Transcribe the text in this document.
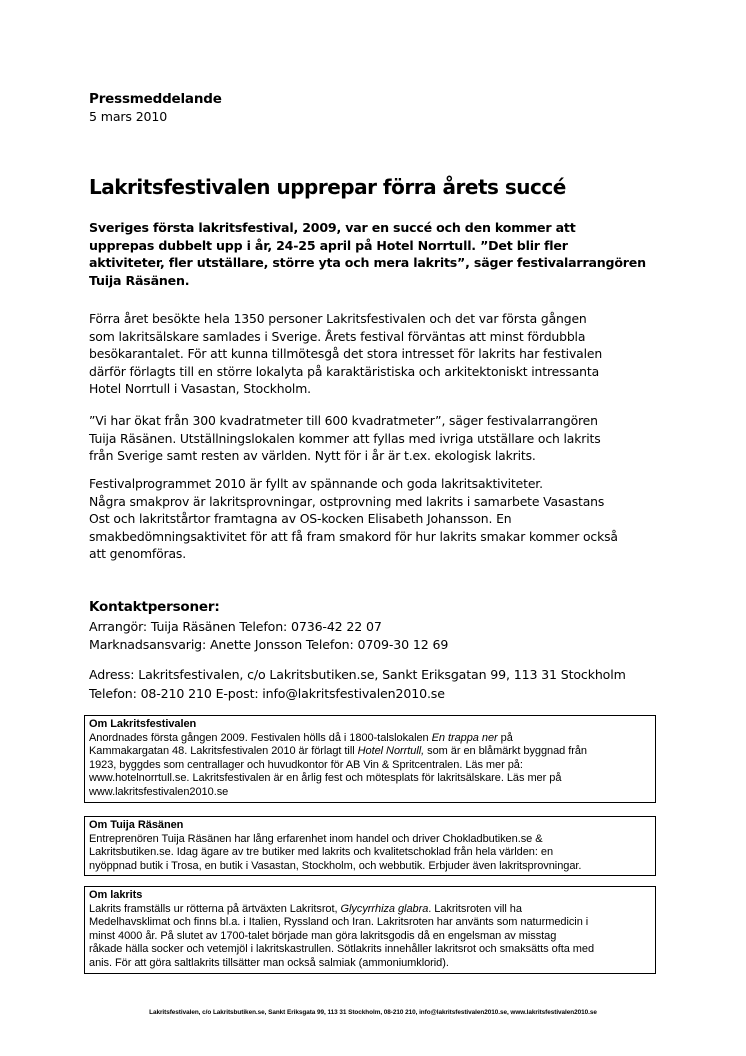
Pressmeddelande
5 mars 2010
Lakritsfestivalen upprepar förra årets succé
Sveriges första lakritsfestival, 2009, var en succé och den kommer att
upprepas dubbelt upp i år, 24-25 april på Hotel Norrtull. ”Det blir fler
aktiviteter, fler utställare, större yta och mera lakrits”, säger festivalarrangören
Tuija Räsänen.
Förra året besökte hela 1350 personer Lakritsfestivalen och det var första gången
som lakritsälskare samlades i Sverige. Årets festival förväntas att minst fördubbla
besökarantalet. För att kunna tillmötesgå det stora intresset för lakrits har festivalen
därför förlagts till en större lokalyta på karaktäristiska och arkitektoniskt intressanta
Hotel Norrtull i Vasastan, Stockholm.
”Vi har ökat från 300 kvadratmeter till 600 kvadratmeter”, säger festivalarrangören
Tuija Räsänen. Utställningslokalen kommer att fyllas med ivriga utställare och lakrits
från Sverige samt resten av världen. Nytt för i år är t.ex. ekologisk lakrits.
Festivalprogrammet 2010 är fyllt av spännande och goda lakritsaktiviteter.
Några smakprov är lakritsprovningar, ostprovning med lakrits i samarbete Vasastans
Ost och lakritstårtor framtagna av OS-kocken Elisabeth Johansson. En
smakbedömningsaktivitet för att få fram smakord för hur lakrits smakar kommer också
att genomföras.
Kontaktpersoner:
Arrangör: Tuija Räsänen Telefon: 0736-42 22 07
Marknadsansvarig: Anette Jonsson Telefon: 0709-30 12 69
Adress: Lakritsfestivalen, c/o Lakritsbutiken.se, Sankt Eriksgatan 99, 113 31 Stockholm
Telefon: 08-210 210 E-post: info@lakritsfestivalen2010.se
Om Lakritsfestivalen
Anordnades första gången 2009. Festivalen hölls då i 1800-talslokalen En trappa ner på
Kammakargatan 48. Lakritsfestivalen 2010 är förlagt till Hotel Norrtull, som är en blåmärkt byggnad från
1923, byggdes som centrallager och huvudkontor för AB Vin & Spritcentralen. Läs mer på:
www.hotelnorrtull.se. Lakritsfestivalen är en årlig fest och mötesplats för lakritsälskare. Läs mer på
www.lakritsfestivalen2010.se
Om Tuija Räsänen
Entreprenören Tuija Räsänen har lång erfarenhet inom handel och driver Chokladbutiken.se &
Lakritsbutiken.se. Idag ägare av tre butiker med lakrits och kvalitetschoklad från hela världen: en
nyöppnad butik i Trosa, en butik i Vasastan, Stockholm, och webbutik. Erbjuder även lakritsprovningar.
Om lakrits
Lakrits framställs ur rötterna på ärtväxten Lakritsrot, Glycyrrhiza glabra. Lakritsroten vill ha
Medelhavsklimat och finns bl.a. i Italien, Ryssland och Iran. Lakritsroten har använts som naturmedicin i
minst 4000 år. På slutet av 1700-talet började man göra lakritsgodis då en engelsman av misstag
råkade hälla socker och vetemjöl i lakritskastrullen. Sötlakrits innehåller lakritsrot och smaksätts ofta med
anis. För att göra saltlakrits tillsätter man också salmiak (ammoniumklorid).
Lakritsfestivalen, c/o Lakritsbutiken.se, Sankt Eriksgata 99, 113 31 Stockholm, 08-210 210, info@lakritsfestivalen2010.se, www.lakritsfestivalen2010.se
